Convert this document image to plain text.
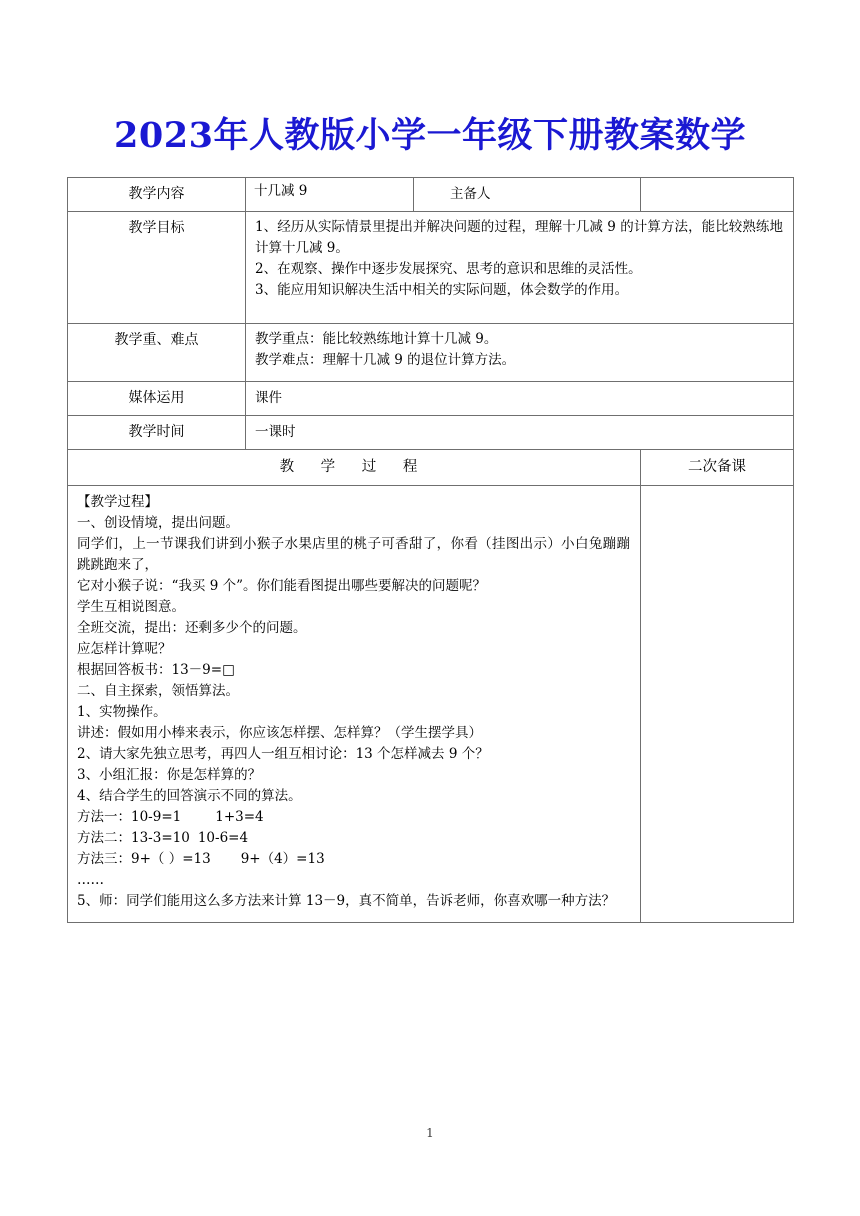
2023年人教版小学一年级下册教案数学
教学内容	十几减 9	主备人	

教学目标	1、经历从实际情景里提出并解决问题的过程，理解十几减 9 的计算方法，能比较熟练地计算十几减 9。

2、在观察、操作中逐步发展探究、思考的意识和思维的灵活性。

3、能应用知识解决生活中相关的实际问题，体会数学的作用。		

教学重、难点	教学重点：能比较熟练地计算十几减 9。

教学难点：理解十几减 9 的退位计算方法。		

媒体运用	课件		

教学时间	一课时		

教 学 过 程			二次备课

【教学过程】

一、创设情境，提出问题。

同学们，上一节课我们讲到小猴子水果店里的桃子可香甜了，你看（挂图出示）小白兔蹦蹦跳跳跑来了，

它对小猴子说：“我买 9 个”。你们能看图提出哪些要解决的问题呢？

学生互相说图意。

全班交流，提出：还剩多少个的问题。

应怎样计算呢？

根据回答板书：13－9=□

二、自主探索，领悟算法。

1、实物操作。

讲述：假如用小棒来表示，你应该怎样摆、怎样算？（学生摆学具）

2、请大家先独立思考，再四人一组互相讨论：13 个怎样减去 9 个？

3、小组汇报：你是怎样算的？

4、结合学生的回答演示不同的算法。

方法一：10-9=1	1+3=4

方法二：13-3=10 10-6=4

方法三：9+（ ）=13 9+（4）=13

……

5、师：同学们能用这么多方法来计算 13－9，真不简单，告诉老师，你喜欢哪一种方法？

1
